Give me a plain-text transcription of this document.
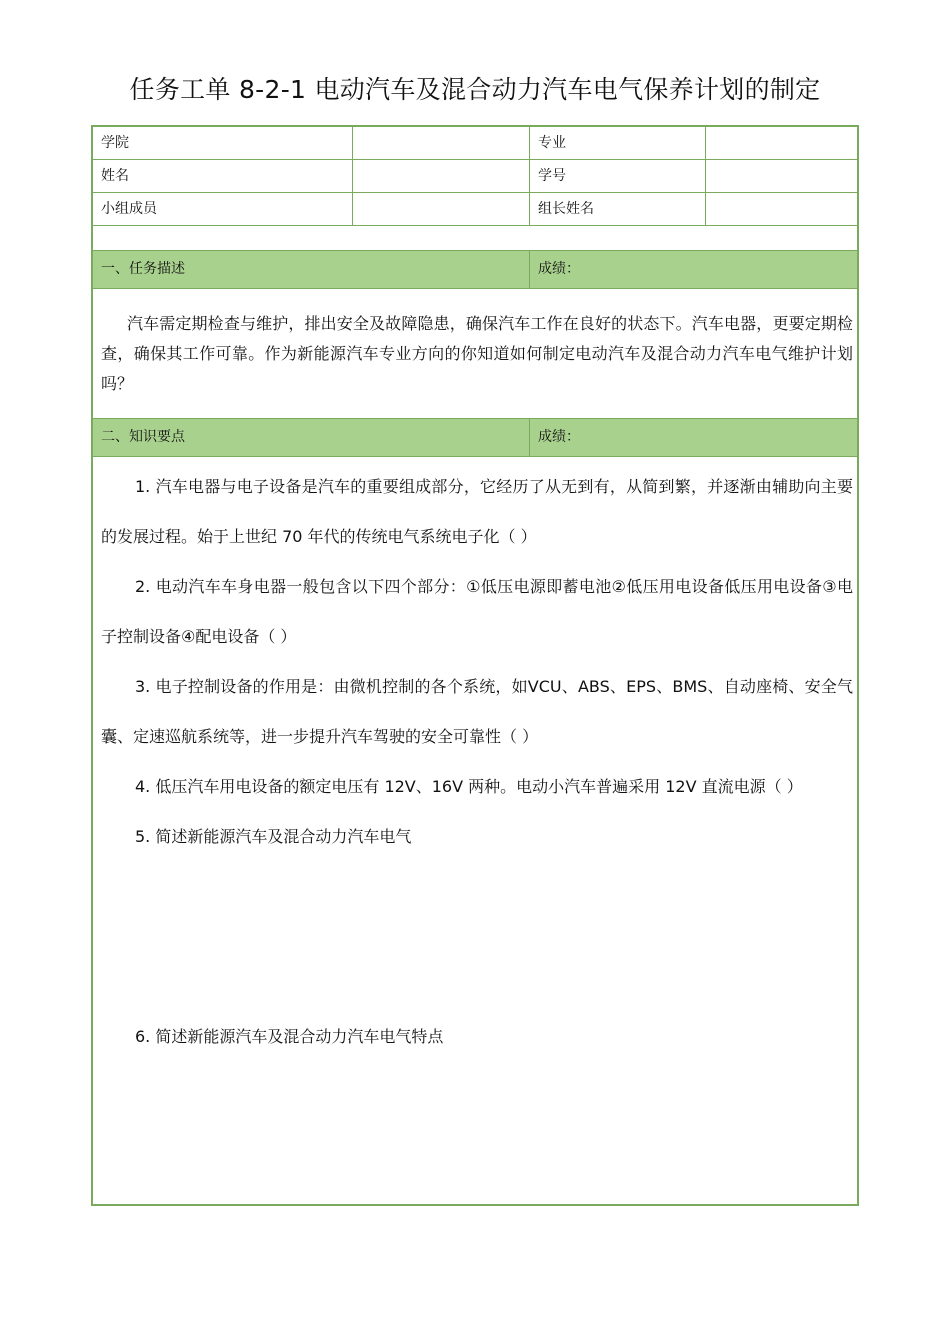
任务工单 8-2-1 电动汽车及混合动力汽车电气保养计划的制定
学院	专业
姓名	学号
小组成员	组长姓名
一、任务描述	成绩：
汽车需定期检查与维护，排出安全及故障隐患，确保汽车工作在良好的状态下。汽车电器，更要定期检查，确保其工作可靠。作为新能源汽车专业方向的你知道如何制定电动汽车及混合动力汽车电气维护计划吗？
二、知识要点	成绩：
1. 汽车电器与电子设备是汽车的重要组成部分，它经历了从无到有，从简到繁，并逐渐由辅助向主要的发展过程。始于上世纪 70 年代的传统电气系统电子化（ ）
2. 电动汽车车身电器一般包含以下四个部分：①低压电源即蓄电池②低压用电设备低压用电设备③电子控制设备④配电设备（ ）
3. 电子控制设备的作用是：由微机控制的各个系统，如VCU、ABS、EPS、BMS、自动座椅、安全气囊、定速巡航系统等，进一步提升汽车驾驶的安全可靠性（ ）
4. 低压汽车用电设备的额定电压有 12V、16V 两种。电动小汽车普遍采用 12V 直流电源（ ）
5. 简述新能源汽车及混合动力汽车电气
6. 简述新能源汽车及混合动力汽车电气特点
